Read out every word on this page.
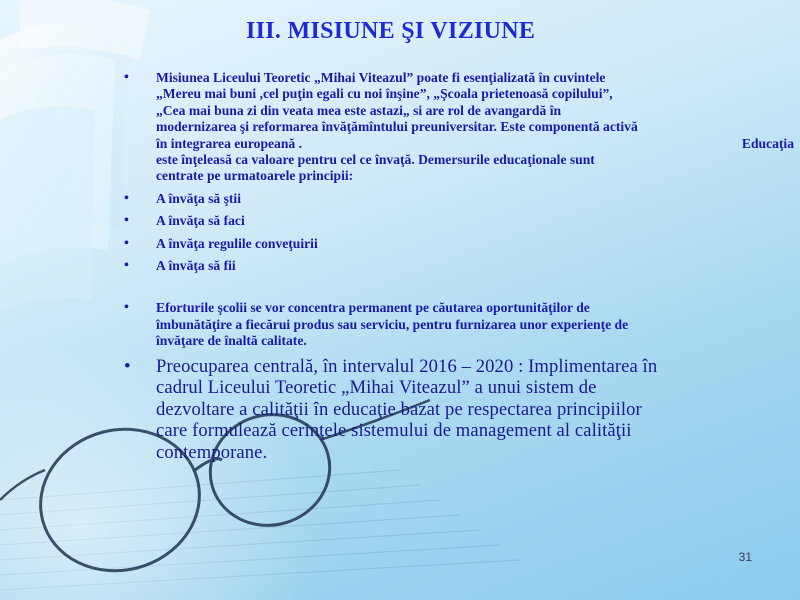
III. MISIUNE ŞI VIZIUNE
• Misiunea Liceului Teoretic „Mihai Viteazul” poate fi esenţializată în cuvintele
„Mereu mai buni ,cel puţin egali cu noi înşine”, „Şcoala prietenoasă copilului”,
„Cea mai buna zi din veata mea este astazi„ si are rol de avangardă în
modernizarea şi reformarea învăţămîntului preuniversitar. Este componentă activă
în integrarea europeană .	Educaţia
este înţeleasă ca valoare pentru cel ce învaţă. Demersurile educaţionale sunt
centrate pe urmatoarele principii:
• A învăţa să ştii
• A învăţa să faci
• A învăţa regulile conveţuirii
• A învăţa să fii
• Eforturile şcolii se vor concentra permanent pe căutarea oportunităţilor de
îmbunătăţire a fiecărui produs sau serviciu, pentru furnizarea unor experienţe de
învăţare de înaltă calitate.
• Preocuparea centrală, în intervalul 2016 – 2020 : Implimentarea în
cadrul Liceului Teoretic „Mihai Viteazul” a unui sistem de
dezvoltare a calităţii în educaţie bazat pe respectarea principiilor
care formulează cerinţele sistemului de management al calităţii
contemporane.
31
